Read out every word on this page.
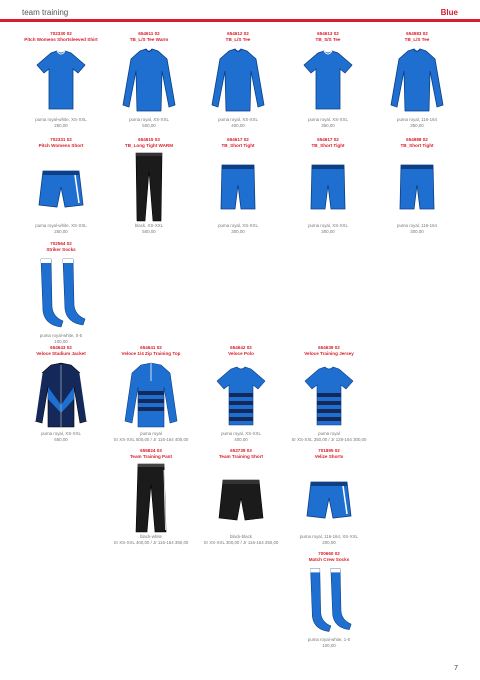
team training	Blue
702330 02
Pitch Womens Shortsleeved Shirt
puma royal-white, XS-XXL
250,00
654611 02
TB_L/S Tee Warm
puma royal, XS-XXL
500,00
654612 02
TB_L/S Tee
puma royal, XS-XXL
400,00
654613 02
TB_S/S Tee
puma royal, XS-XXL
350,00
654983 02
TB_L/S Tee
puma royal, 116-164
350,00
702331 02
Pitch Womens Short
puma royal-white, XS-XXL
250,00
654615 03
TB_Long Tight WARM
black, XS-XXL
500,00
654617 02
TB_Short Tight
puma royal, XS-XXL
300,00
654617 02
TB_Short Tight
puma royal, XS-XXL
300,00
654988 02
TB_Short Tight
puma royal, 116-164
300,00
702564 02
Striker Socks
puma royal-white, 0-5
100,00
654643 02
Veloce Stadium Jacket
puma royal, XS-XXL
650,00
654641 02
Veloce 1/4 Zip Training Top
puma royal
Sr XS-XXL 500,00 / Jr 116-164 400,00
654642 02
Veloce Polo
puma royal, XS-XXL
400,00
654639 02
Veloce Training Jersey
puma royal
Sr XS-XXL 350,00 / Jr 128-164 300,00
655824 03
Team Training Pant
black-white
Sr XS-XXL 400,00 / Jr 116-164 350,00
653739 03
Team Training Short
black-black
Sr XS-XXL 300,00 / Jr 116-164 250,00
701895 02
Velize Shorts
puma royal, 116-164, XS-XXL
200,00
700660 02
Match Crew Socks
puma royal-white, 1-5
100,00
7
